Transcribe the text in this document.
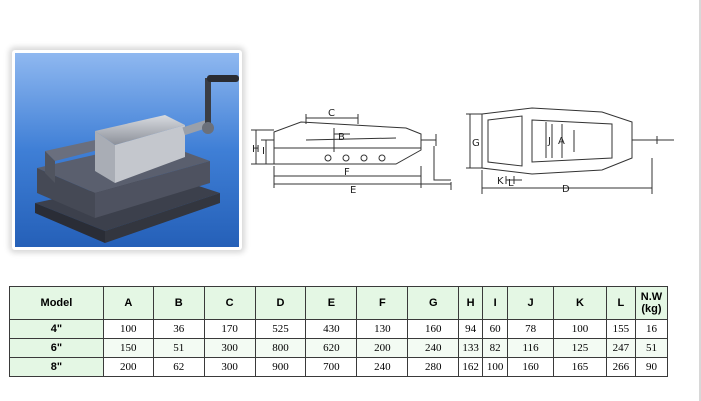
C
B
H I
F
E
G	J A
K L
D
Model	A	B	C	D	E	F	G	H	I	J	K	L	N.W
(kg)

4"	100	36	170	525	430	130	160	94	60	78	100	155	16
6"	150	51	300	800	620	200	240	133	82	116	125	247	51
8"	200	62	300	900	700	240	280	162	100	160	165	266	90
